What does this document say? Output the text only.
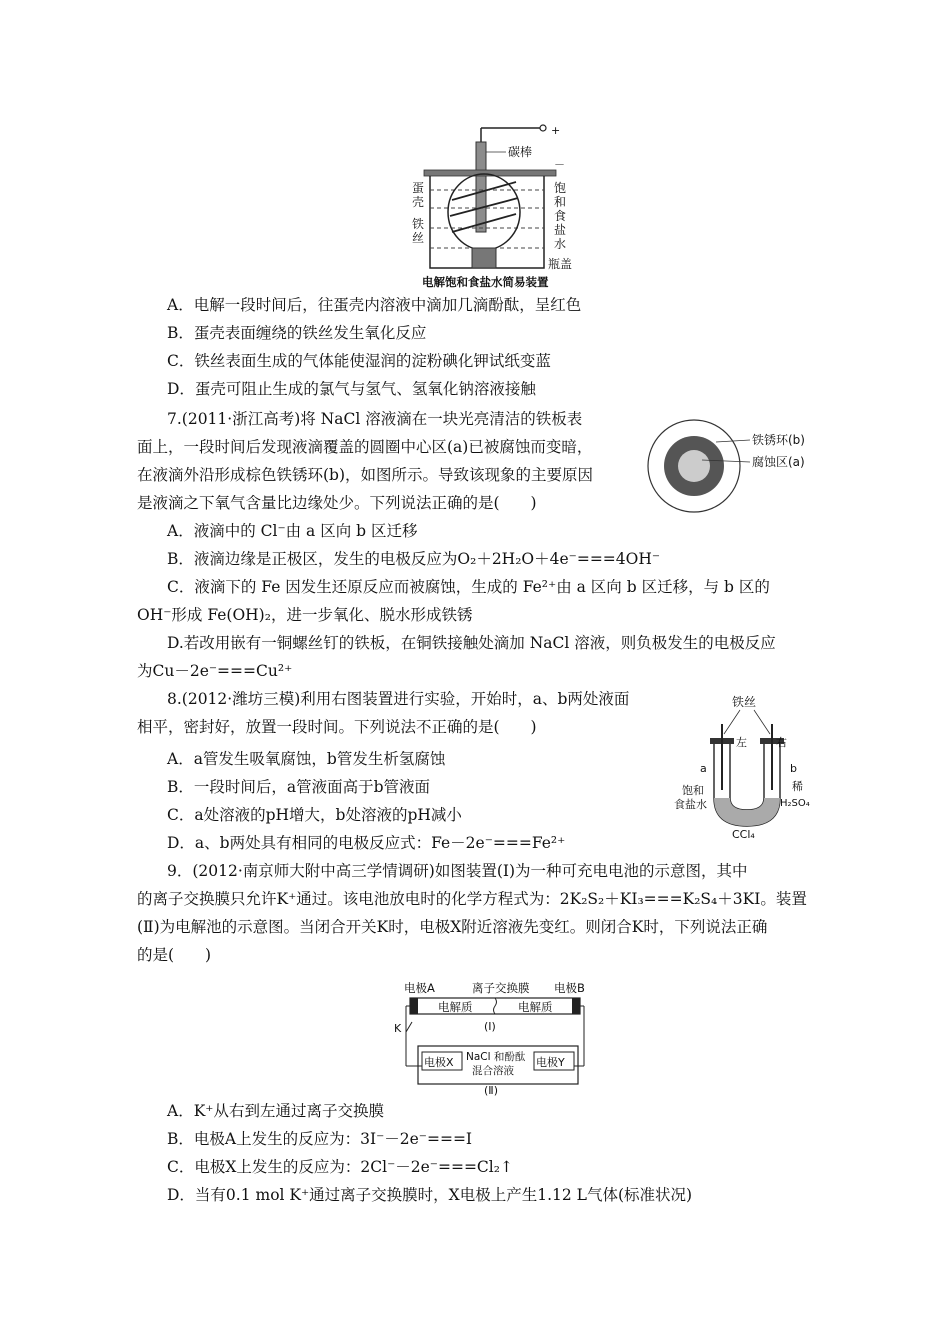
+
碳棒
－
蛋
壳
铁
丝
饱
和
食
盐
水
瓶盖
电解饱和食盐水简易装置
A．电解一段时间后，往蛋壳内溶液中滴加几滴酚酞，呈红色
B．蛋壳表面缠绕的铁丝发生氧化反应
C．铁丝表面生成的气体能使湿润的淀粉碘化钾试纸变蓝
D．蛋壳可阻止生成的氯气与氢气、氢氧化钠溶液接触
7.(2011·浙江高考)将 NaCl 溶液滴在一块光亮清洁的铁板表
面上，一段时间后发现液滴覆盖的圆圈中心区(a)已被腐蚀而变暗，
在液滴外沿形成棕色铁锈环(b)，如图所示。导致该现象的主要原因
是液滴之下氧气含量比边缘处少。下列说法正确的是(　　)
铁锈环(b)
腐蚀区(a)
A．液滴中的 Cl⁻由 a 区向 b 区迁移
B．液滴边缘是正极区，发生的电极反应为O₂＋2H₂O＋4e⁻===4OH⁻
C．液滴下的 Fe 因发生还原反应而被腐蚀，生成的 Fe²⁺由 a 区向 b 区迁移，与 b 区的
OH⁻形成 Fe(OH)₂，进一步氧化、脱水形成铁锈
D.若改用嵌有一铜螺丝钉的铁板，在铜铁接触处滴加 NaCl 溶液，则负极发生的电极反应
为Cu－2e⁻===Cu²⁺
8.(2012·潍坊三模)利用右图装置进行实验，开始时，a、b两处液面
相平，密封好，放置一段时间。下列说法不正确的是(　　)
铁丝
左	右
a	b
饱和
食盐水
稀
H₂SO₄
CCl₄
A．a管发生吸氧腐蚀，b管发生析氢腐蚀
B．一段时间后，a管液面高于b管液面
C．a处溶液的pH增大，b处溶液的pH减小
D．a、b两处具有相同的电极反应式：Fe－2e⁻===Fe²⁺
9．(2012·南京师大附中高三学情调研)如图装置(Ⅰ)为一种可充电电池的示意图，其中
的离子交换膜只允许K⁺通过。该电池放电时的化学方程式为：2K₂S₂＋KI₃===K₂S₄＋3KI。装置
(Ⅱ)为电解池的示意图。当闭合开关K时，电极X附近溶液先变红。则闭合K时，下列说法正确
的是(　　)
电极A	离子交换膜 电极B
电解质	电解质
(Ⅰ)
K
电极X	电极Y
NaCl 和酚酞
混合溶液
(Ⅱ)
A．K⁺从右到左通过离子交换膜
B．电极A上发生的反应为：3I⁻－2e⁻===I
C．电极X上发生的反应为：2Cl⁻－2e⁻===Cl₂↑
D．当有0.1 mol K⁺通过离子交换膜时，X电极上产生1.12 L气体(标准状况)
